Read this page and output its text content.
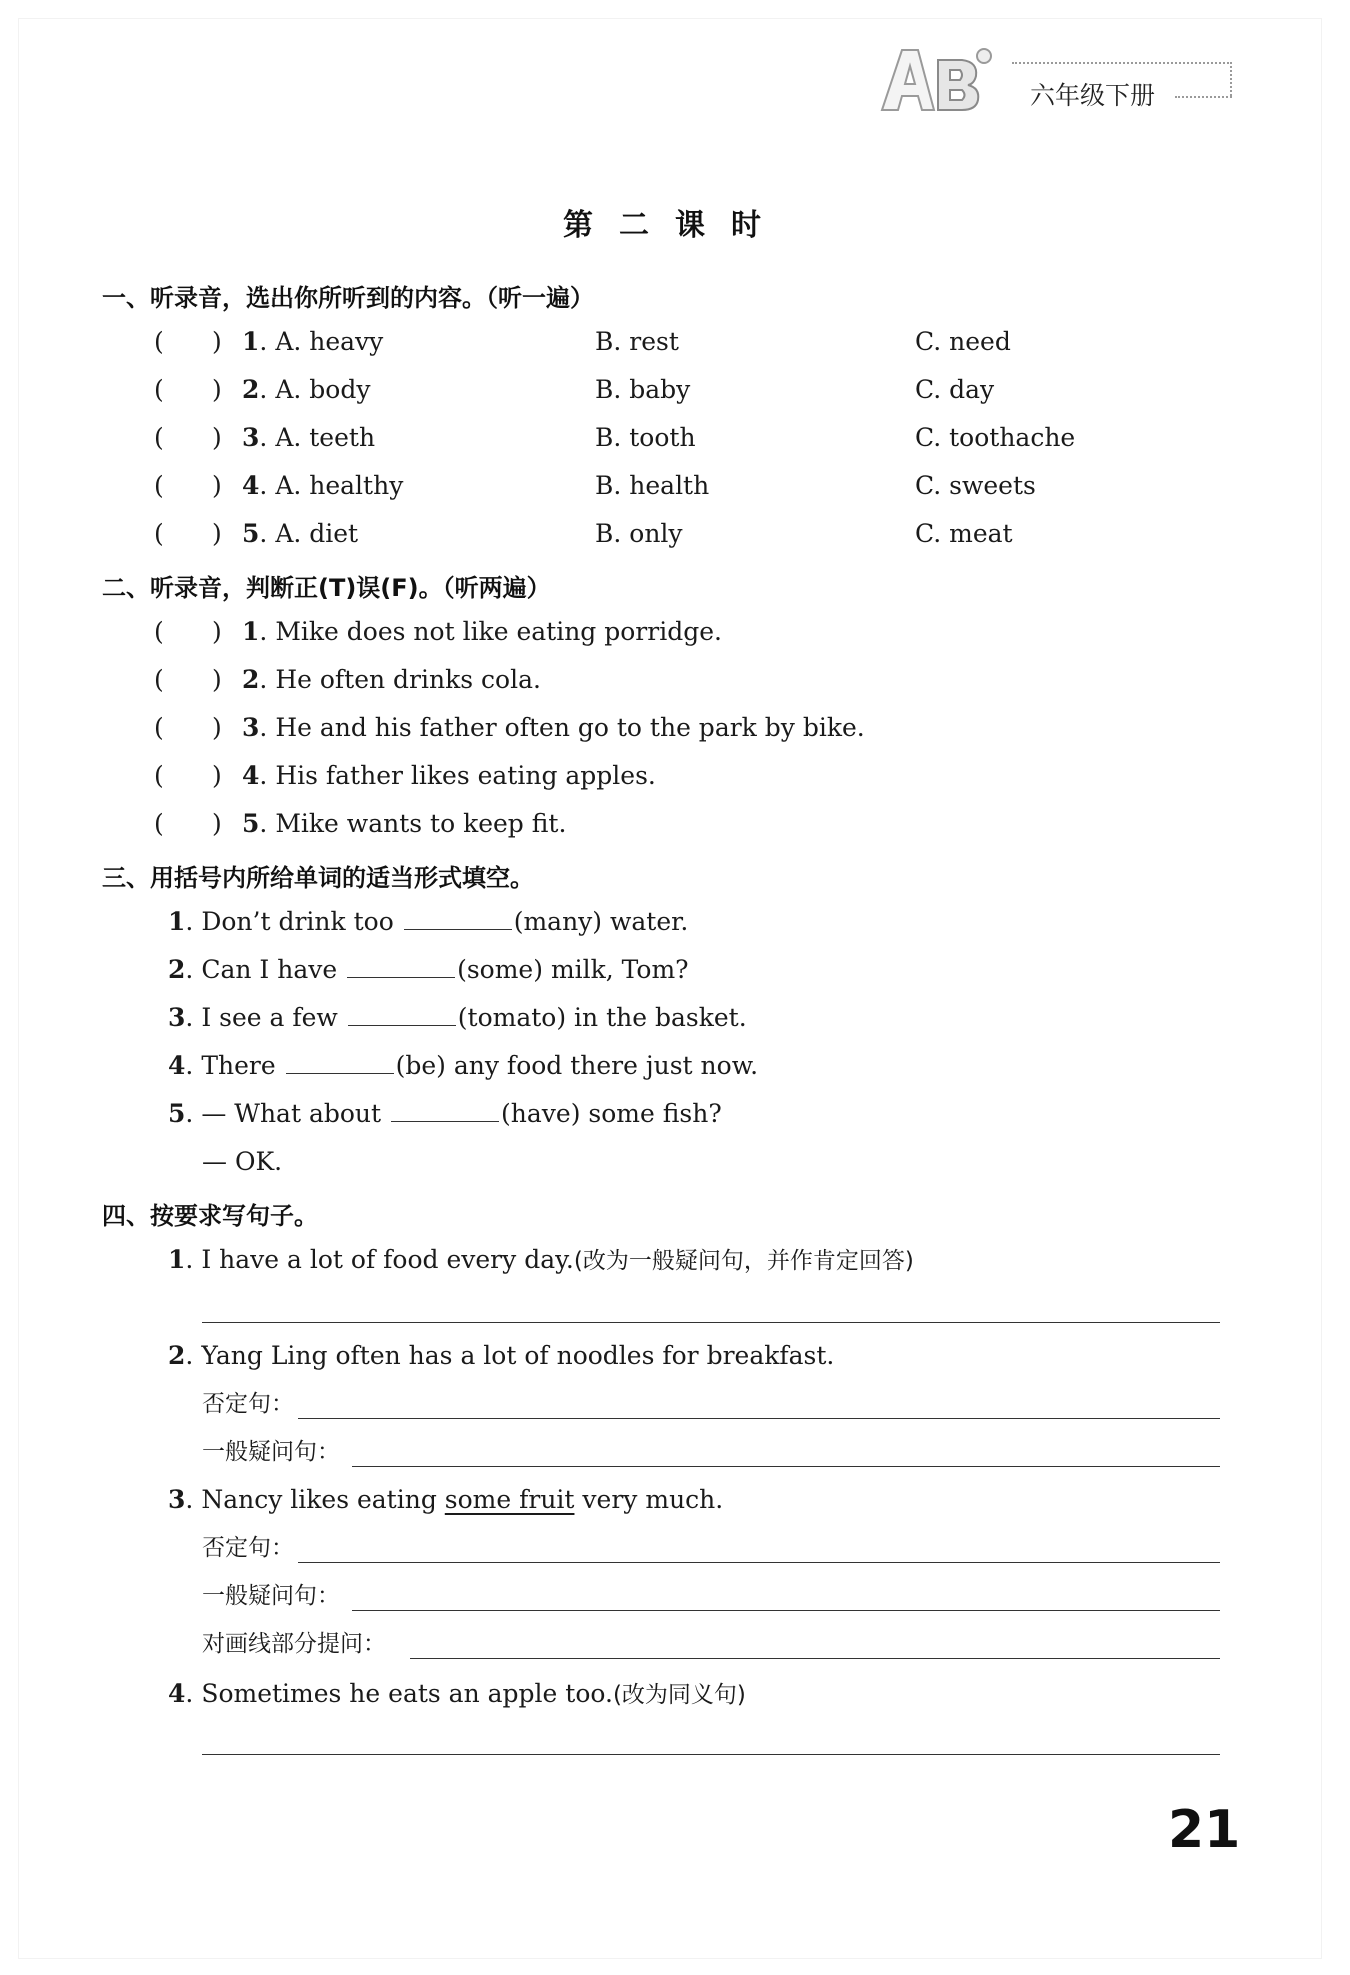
六年级下册
第二课时
一、听录音，选出你所听到的内容。（听一遍）
( ) 1. A. heavy	B. rest	C. need
( ) 2. A. body	B. baby	C. day
( ) 3. A. teeth	B. tooth	C. toothache
( ) 4. A. healthy	B. health	C. sweets
( ) 5. A. diet	B. only	C. meat
二、听录音，判断正(T)误(F)。（听两遍）
( ) 1. Mike does not like eating porridge.
( ) 2. He often drinks cola.
( ) 3. He and his father often go to the park by bike.
( ) 4. His father likes eating apples.
( ) 5. Mike wants to keep fit.
三、用括号内所给单词的适当形式填空。
1. Don’t drink too	(many) water.
2. Can I have	(some) milk, Tom?
3. I see a few	(tomato) in the basket.
4. There	(be) any food there just now.
5. — What about	(have) some fish?
— OK.
四、按要求写句子。
1. I have a lot of food every day.(改为一般疑问句，并作肯定回答)
2. Yang Ling often has a lot of noodles for breakfast.
否定句：
一般疑问句：
3. Nancy likes eating some fruit very much.
否定句：
一般疑问句：
对画线部分提问：
4. Sometimes he eats an apple too.(改为同义句)
21
